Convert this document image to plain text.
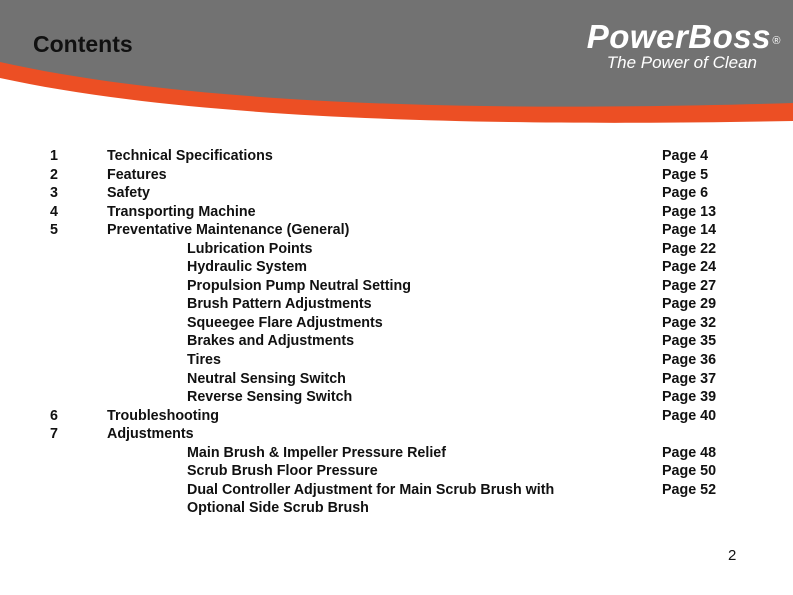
Contents	PowerBoss ®
The Power of Clean
1	Technical Specifications	Page 4
2	Features	Page 5
3	Safety	Page 6
4	Transporting Machine	Page 13
5	Preventative Maintenance (General)	Page 14
Lubrication Points	Page 22
Hydraulic System	Page 24
Propulsion Pump Neutral Setting	Page 27
Brush Pattern Adjustments	Page 29
Squeegee Flare Adjustments	Page 32
Brakes and Adjustments	Page 35
Tires	Page 36
Neutral Sensing Switch	Page 37
Reverse Sensing Switch	Page 39
6	Troubleshooting	Page 40
7	Adjustments
Main Brush & Impeller Pressure Relief	Page 48
Scrub Brush Floor Pressure	Page 50
Dual Controller Adjustment for Main Scrub Brush with	Page 52
Optional Side Scrub Brush
2
